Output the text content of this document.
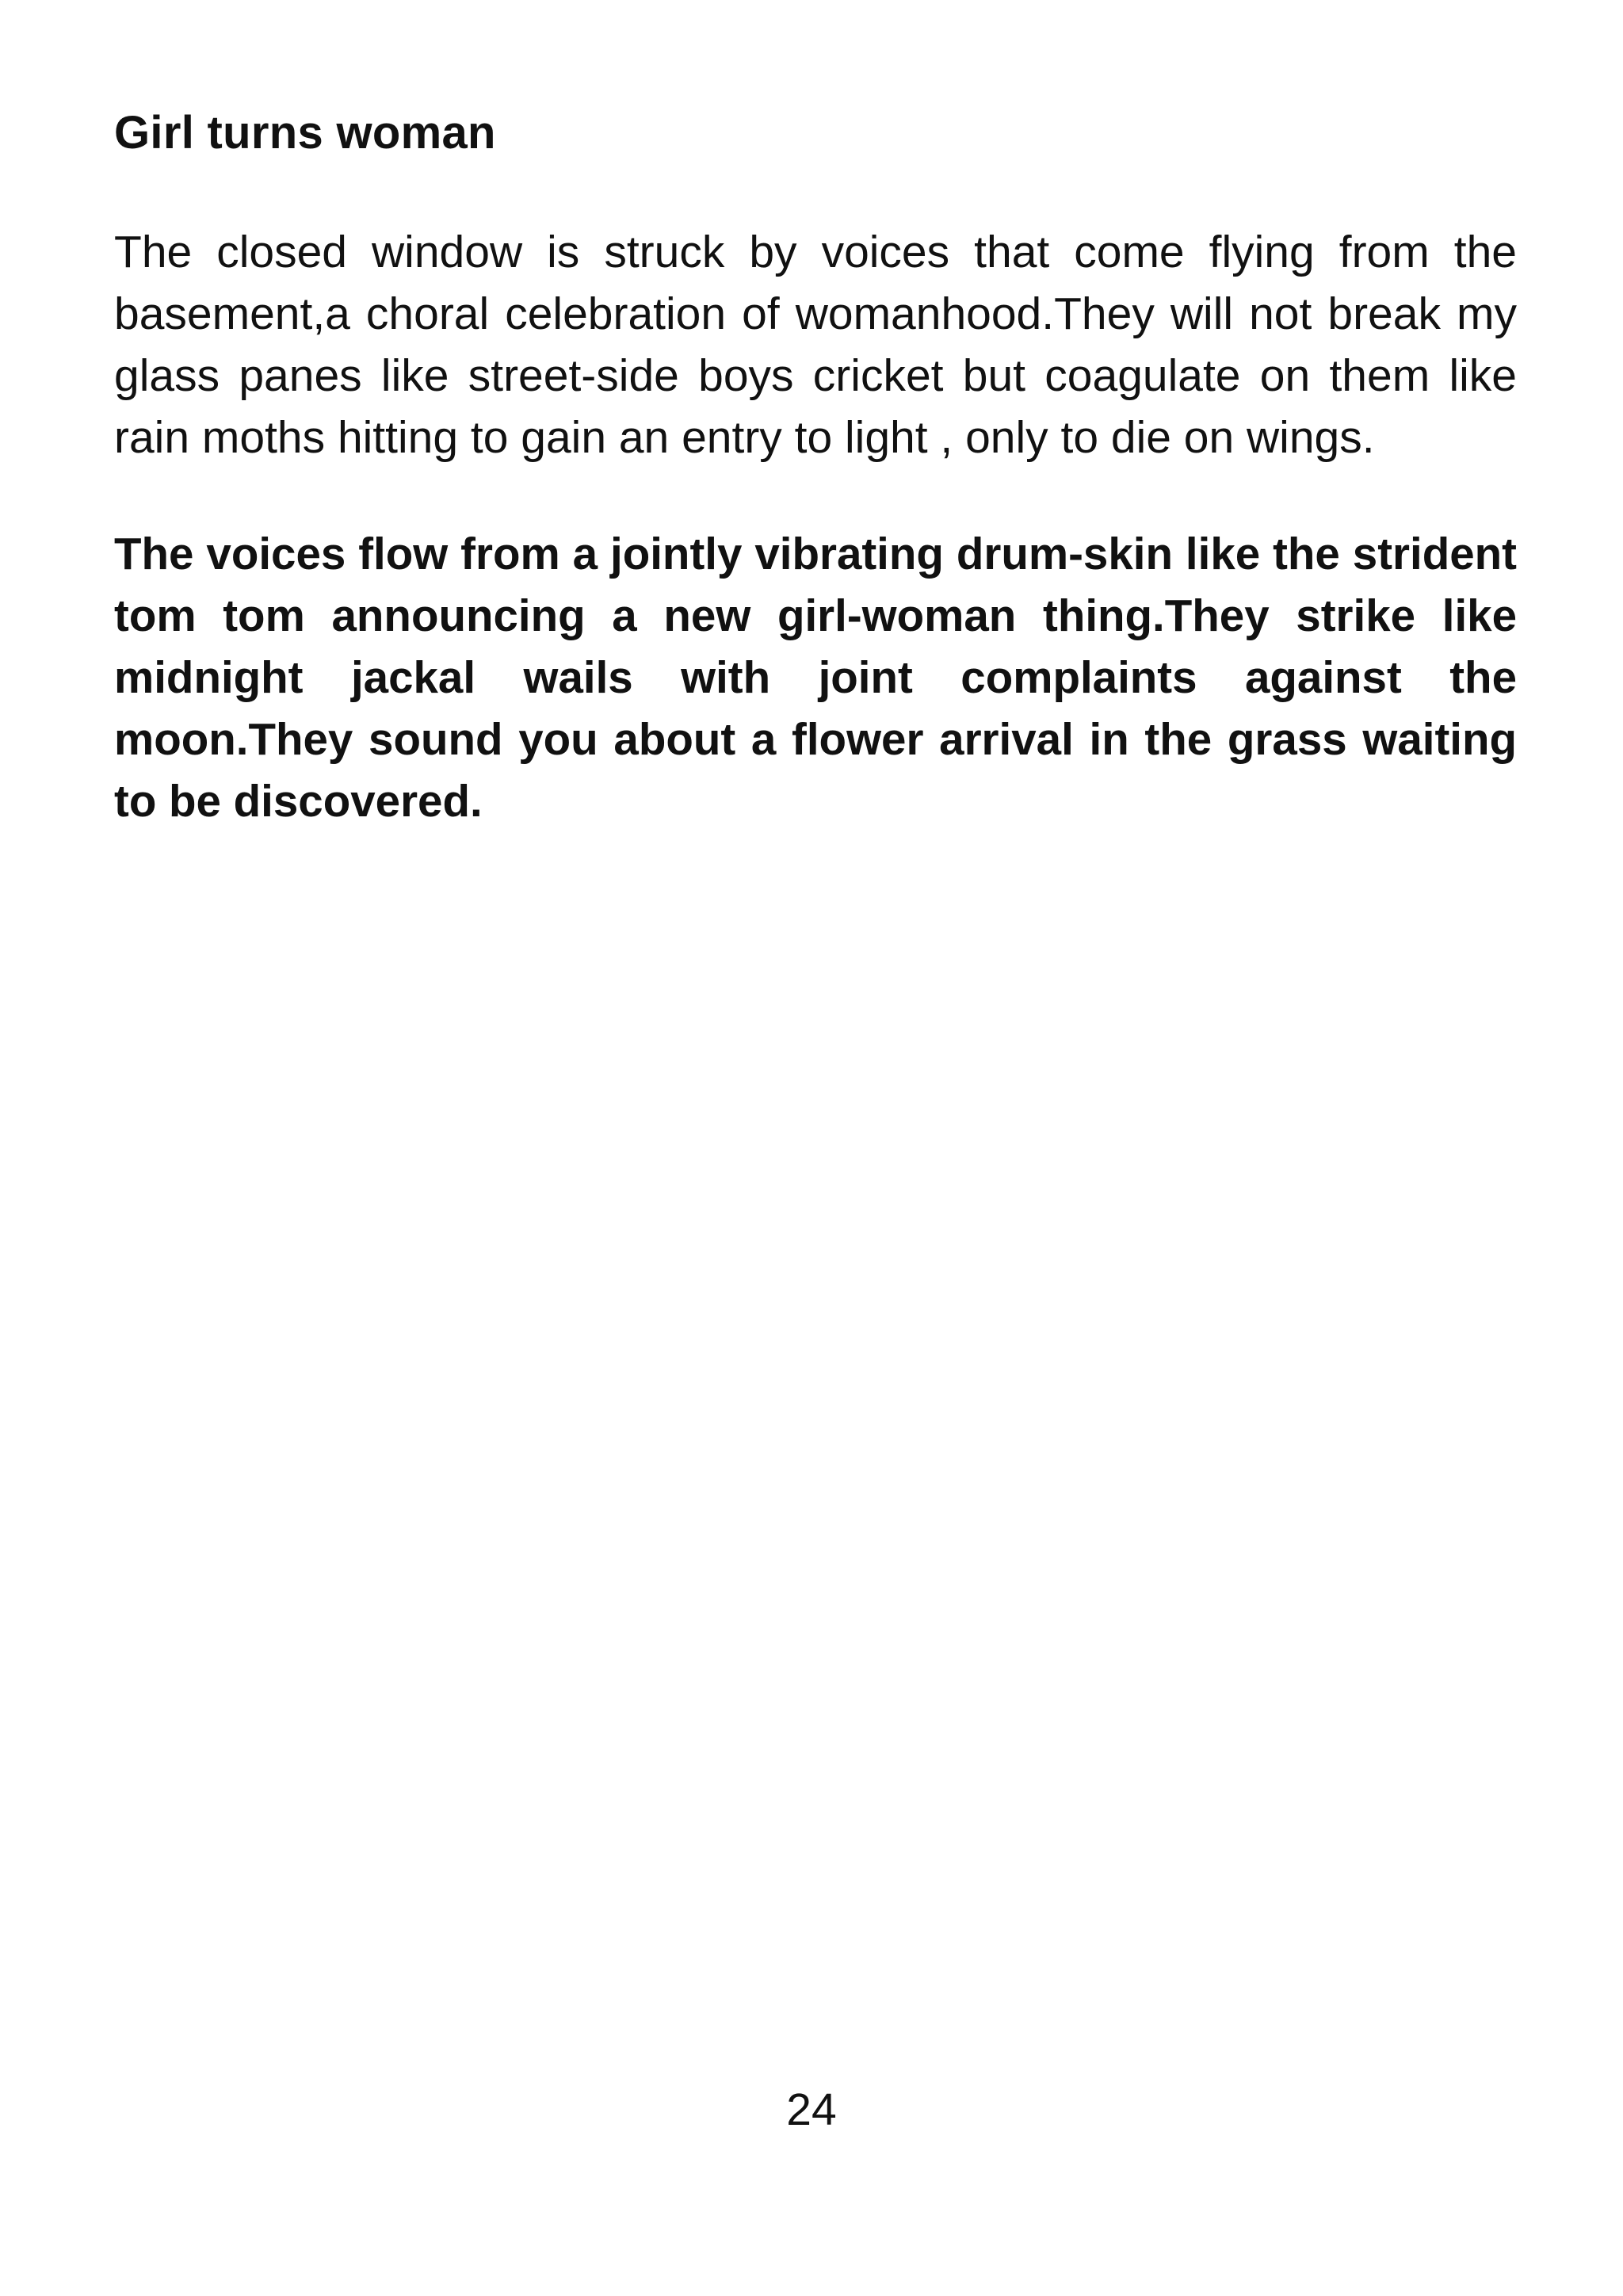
Girl turns woman

The closed window is struck by voices that come flying from the basement,a choral celebration of womanhood.They will not break my glass panes like street-side boys cricket but coagulate on them like rain moths hitting to gain an entry to light , only to die on wings.

The voices flow from a jointly vibrating drum-skin like the strident tom tom announcing a new girl-woman thing.They strike like midnight jackal wails with joint complaints against the moon.They sound you about a flower arrival in the grass waiting to be discovered.

24
